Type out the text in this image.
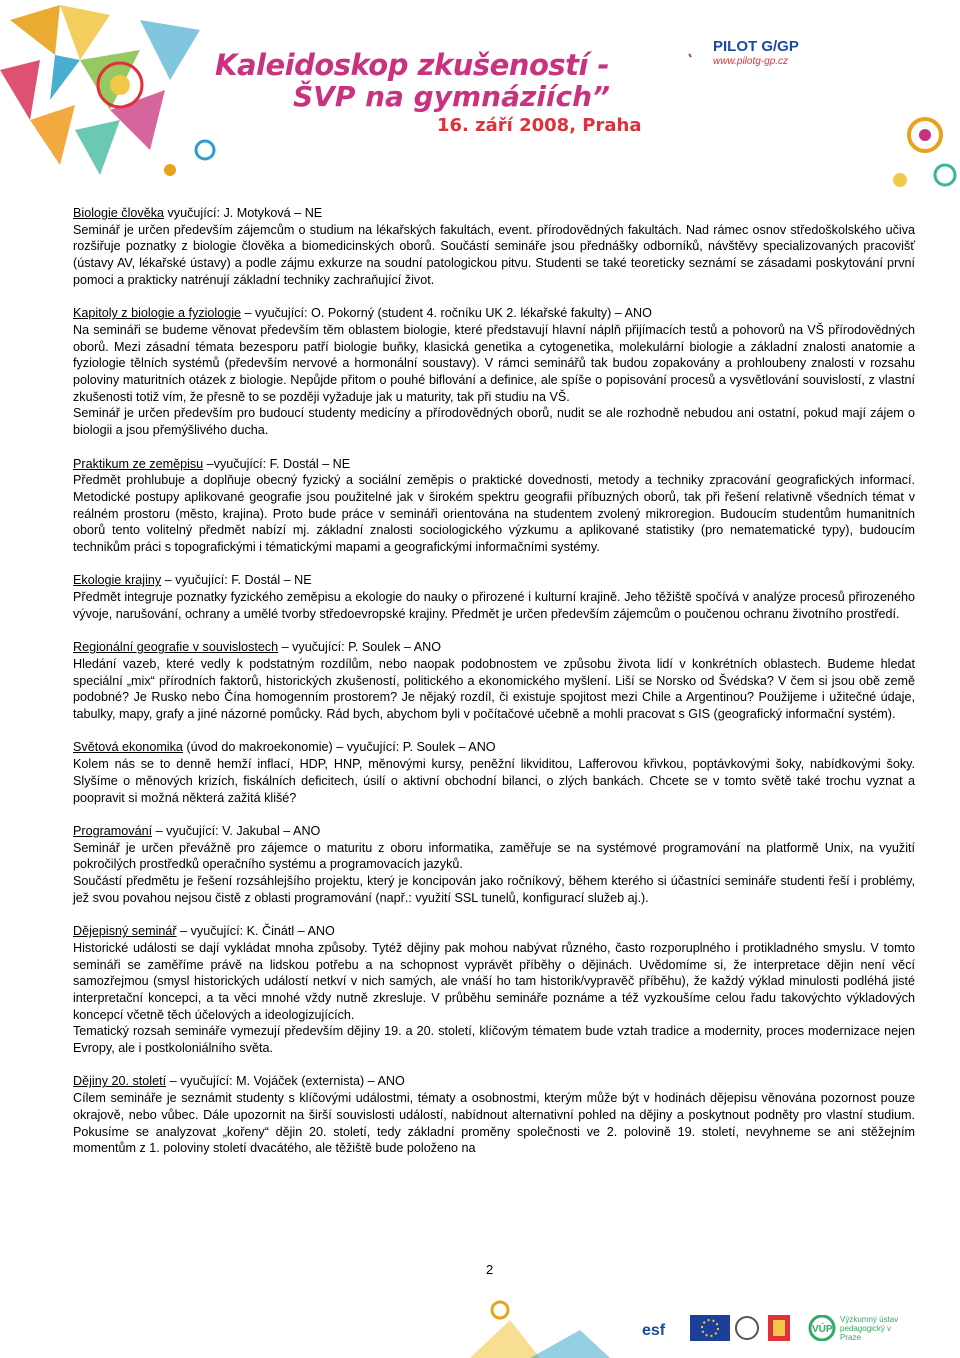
Kaleidoskop zkušeností -
ŠVP na gymnáziích”
16. září 2008, Praha
PILOT G/GP
www.pilotg-gp.cz
Biologie člověka vyučující: J. Motyková – NE
Seminář je určen především zájemcům o studium na lékařských fakultách, event. přírodovědných fakultách. Nad rámec osnov středoškolského učiva rozšiřuje poznatky z biologie člověka a biomedicinských oborů. Součástí semináře jsou přednášky odborníků, návštěvy specializovaných pracovišť (ústavy AV, lékařské ústavy) a podle zájmu exkurze na soudní patologickou pitvu. Studenti se také teoreticky seznámí se zásadami poskytování první pomoci a prakticky natrénují základní techniky zachraňující život.
Kapitoly z biologie a fyziologie – vyučující: O. Pokorný (student 4. ročníku UK 2. lékařské fakulty) – ANO
Na semináři se budeme věnovat především těm oblastem biologie, které představují hlavní náplň přijímacích testů a pohovorů na VŠ přírodovědných oborů. Mezi zásadní témata bezesporu patří biologie buňky, klasická genetika a cytogenetika, molekulární biologie a základní znalosti anatomie a fyziologie tělních systémů (především nervové a hormonální soustavy). V rámci seminářů tak budou zopakovány a prohloubeny znalosti v rozsahu poloviny maturitních otázek z biologie. Nepůjde přitom o pouhé biflování a definice, ale spíše o popisování procesů a vysvětlování souvislostí, z vlastní zkušenosti totiž vím, že přesně to se později vyžaduje jak u maturity, tak při studiu na VŠ.
Seminář je určen především pro budoucí studenty medicíny a přírodovědných oborů, nudit se ale rozhodně nebudou ani ostatní, pokud mají zájem o biologii a jsou přemýšlivého ducha.
Praktikum ze zeměpisu –vyučující: F. Dostál – NE
Předmět prohlubuje a doplňuje obecný fyzický a sociální zeměpis o praktické dovednosti, metody a techniky zpracování geografických informací. Metodické postupy aplikované geografie jsou použitelné jak v širokém spektru geografii příbuzných oborů, tak při řešení relativně všedních témat v reálném prostoru (město, krajina). Proto bude práce v semináři orientována na studentem zvolený mikroregion. Budoucím studentům humanitních oborů tento volitelný předmět nabízí mj. základní znalosti sociologického výzkumu a aplikované statistiky (pro nematematické typy), budoucím technikům práci s topografickými i tématickými mapami a geografickými informačními systémy.
Ekologie krajiny – vyučující: F. Dostál – NE
Předmět integruje poznatky fyzického zeměpisu a ekologie do nauky o přirozené i kulturní krajině. Jeho těžiště spočívá v analýze procesů přirozeného vývoje, narušování, ochrany a umělé tvorby středoevropské krajiny. Předmět je určen především zájemcům o poučenou ochranu životního prostředí.
Regionální geografie v souvislostech – vyučující: P. Soulek – ANO
Hledání vazeb, které vedly k podstatným rozdílům, nebo naopak podobnostem ve způsobu života lidí v konkrétních oblastech. Budeme hledat speciální „mix“ přírodních faktorů, historických zkušeností, politického a ekonomického myšlení. Liší se Norsko od Švédska? V čem si jsou obě země podobné? Je Rusko nebo Čína homogenním prostorem? Je nějaký rozdíl, či existuje spojitost mezi Chile a Argentinou? Použijeme i užitečné údaje, tabulky, mapy, grafy a jiné názorné pomůcky. Rád bych, abychom byli v počítačové učebně a mohli pracovat s GIS (geografický informační systém).
Světová ekonomika (úvod do makroekonomie) – vyučující: P. Soulek – ANO
Kolem nás se to denně hemží inflací, HDP, HNP, měnovými kursy, peněžní likviditou, Lafferovou křivkou, poptávkovými šoky, nabídkovými šoky. Slyšíme o měnových krizích, fiskálních deficitech, úsilí o aktivní obchodní bilanci, o zlých bankách. Chcete se v tomto světě také trochu vyznat a poopravit si možná některá zažitá klišé?
Programování – vyučující: V. Jakubal – ANO
Seminář je určen převážně pro zájemce o maturitu z oboru informatika, zaměřuje se na systémové programování na platformě Unix, na využití pokročilých prostředků operačního systému a programovacích jazyků.
Součástí předmětu je řešení rozsáhlejšího projektu, který je koncipován jako ročníkový, během kterého si účastníci semináře studenti řeší i problémy, jež svou povahou nejsou čistě z oblasti programování (např.: využití SSL tunelů, konfigurací služeb aj.).
Dějepisný seminář – vyučující: K. Činátl – ANO
Historické události se dají vykládat mnoha způsoby. Tytéž dějiny pak mohou nabývat různého, často rozporuplného i protikladného smyslu. V tomto semináři se zaměříme právě na lidskou potřebu a na schopnost vyprávět příběhy o dějinách. Uvědomíme si, že interpretace dějin není věcí samozřejmou (smysl historických událostí netkví v nich samých, ale vnáší ho tam historik/vypravěč příběhu), že každý výklad minulosti podléhá jisté interpretační koncepci, a ta věci mnohé vždy nutně zkresluje. V průběhu semináře poznáme a též vyzkoušíme celou řadu takovýchto výkladových koncepcí včetně těch účelových a ideologizujících.
Tematický rozsah semináře vymezují především dějiny 19. a 20. století, klíčovým tématem bude vztah tradice a modernity, proces modernizace nejen Evropy, ale i postkoloniálního světa.
Dějiny 20. století – vyučující: M. Vojáček (externista) – ANO
Cílem semináře je seznámit studenty s klíčovými událostmi, tématy a osobnostmi, kterým může být v hodinách dějepisu věnována pozornost pouze okrajově, nebo vůbec. Dále upozornit na širší souvislosti událostí, nabídnout alternativní pohled na dějiny a poskytnout podněty pro vlastní studium. Pokusíme se analyzovat „kořeny“ dějin 20. století, tedy základní proměny společnosti ve 2. polovině 19. století, nevyhneme se ani stěžejním momentům z 1. poloviny století dvacátého, ale těžiště bude položeno na
2
esf	VÚP
Výzkumný ústav pedagogický v Praze
